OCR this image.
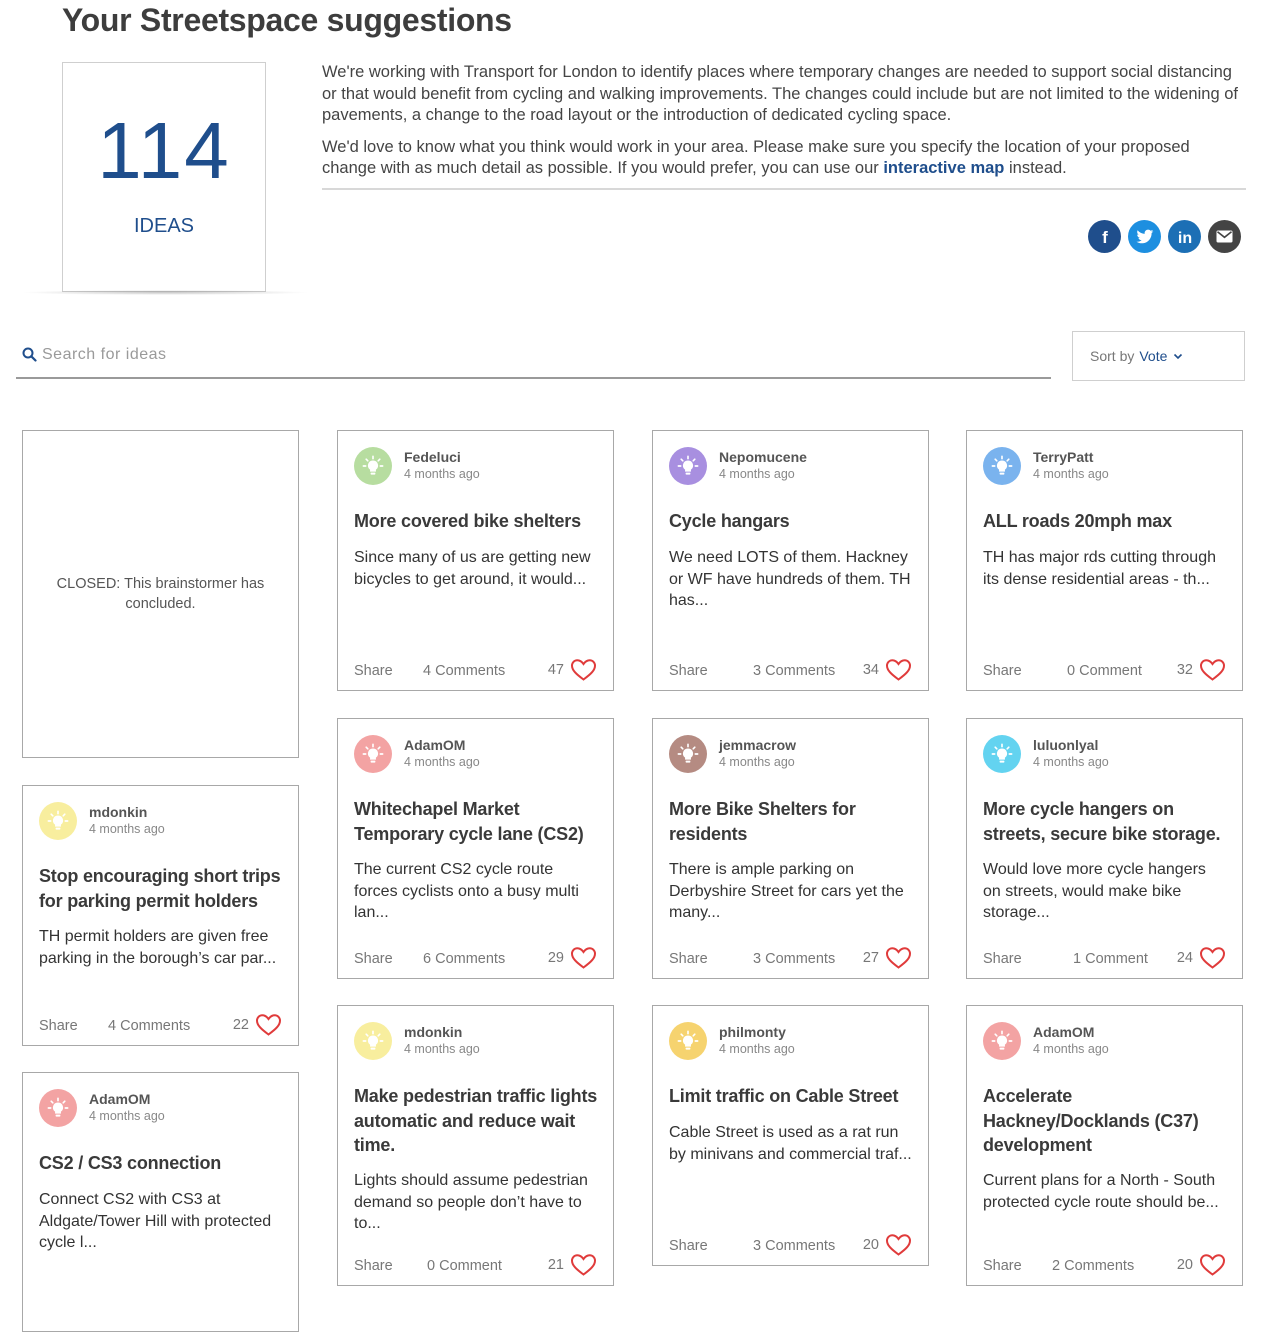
Your Streetspace suggestions
114
IDEAS

We're working with Transport for London to identify places where temporary changes are needed to support social distancing or that would benefit from cycling and walking improvements. The changes could include but are not limited to the widening of pavements, a change to the road layout or the introduction of dedicated cycling space.

We'd love to know what you think would work in your area. Please make sure you specify the location of your proposed change with as much detail as possible. If you would prefer, you can use our interactive map instead.

f	in
Search for ideas
Sort by Vote
CLOSED: This brainstormer has concluded.
Fedeluci
4 months ago
More covered bike shelters
Since many of us are getting new bicycles to get around, it would...
Share 4 Comments	47
Nepomucene
4 months ago
Cycle hangars
We need LOTS of them. Hackney or WF have hundreds of them. TH has...
Share	3 Comments 34
TerryPatt
4 months ago
ALL roads 20mph max
TH has major rds cutting through its dense residential areas - th...
Share	0 Comment 32
AdamOM
4 months ago
Whitechapel Market Temporary cycle lane (CS2)
The current CS2 cycle route forces cyclists onto a busy multi lan...
Share 6 Comments	29
jemmacrow
4 months ago
More Bike Shelters for residents
There is ample parking on Derbyshire Street for cars yet the many...
Share	3 Comments 27
luluonlyal
4 months ago
More cycle hangers on streets, secure bike storage.
Would love more cycle hangers on streets, would make bike storage...
Share	1 Comment 24
mdonkin
4 months ago
Stop encouraging short trips for parking permit holders
TH permit holders are given free parking in the borough’s car par...
Share 4 Comments	22	mdonkin
4 months ago
Make pedestrian traffic lights automatic and reduce wait time.
Lights should assume pedestrian demand so people don’t have to to...
Share 0 Comment	21
philmonty
4 months ago
Limit traffic on Cable Street
Cable Street is used as a rat run by minivans and commercial traf...
Share	3 Comments 20
AdamOM
4 months ago
Accelerate Hackney/Docklands (C37) development
Current plans for a North - South protected cycle route should be...
Share 2 Comments	20
AdamOM
4 months ago
CS2 / CS3 connection
Connect CS2 with CS3 at Aldgate/Tower Hill with protected cycle l...
